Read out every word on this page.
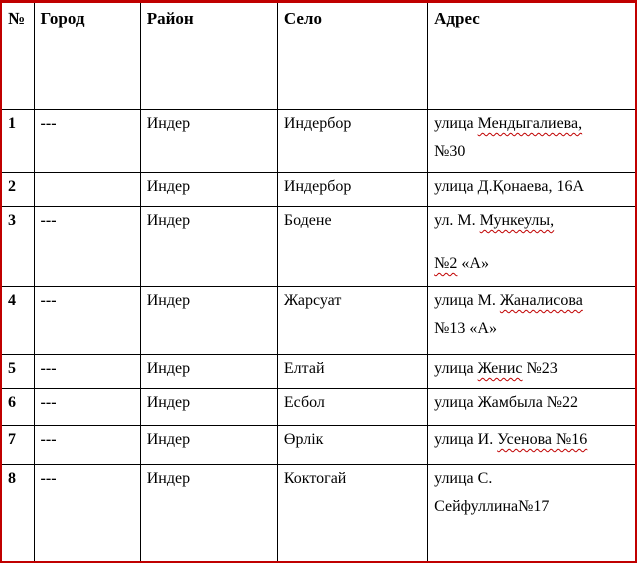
№	Город	Район	Село	Адрес
1	---	Индер	Индербор	улица Мендыгалиева,
№30

2		Индер	Индербор	улица Д.Қонаева, 16А

3	---	Индер	Бодене	ул. М. Мункеулы,
№2 «А»

4	---	Индер	Жарсуат	улица М. Жаналисова
№13 «А»

5	---	Индер	Елтай	улица Женис №23

6	---	Индер	Есбол	улица Жамбыла №22

7	---	Индер	Өрлік	улица И. Усенова №16

8	---	Индер	Коктогай	улица С.
Сейфуллина№17
